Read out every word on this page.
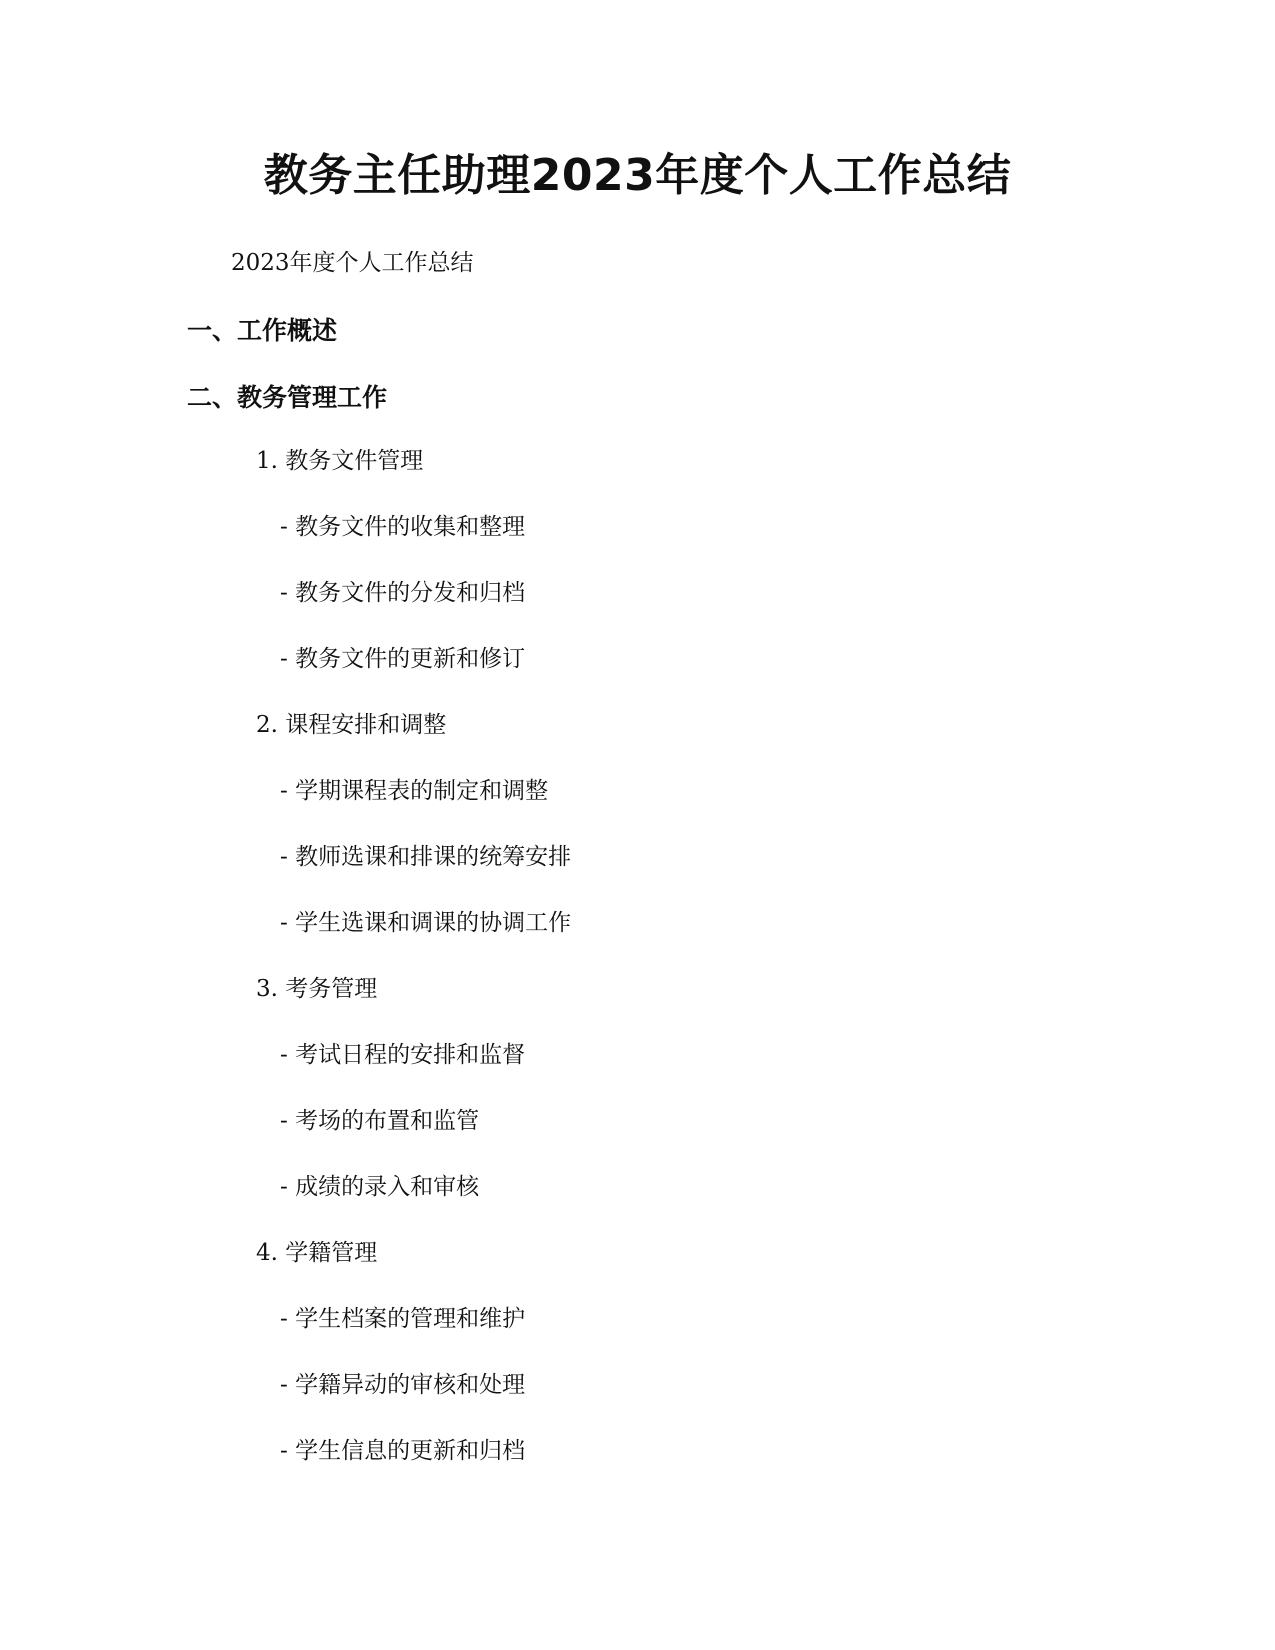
教务主任助理2023年度个人工作总结
2023年度个人工作总结
一、工作概述
二、教务管理工作
1. 教务文件管理
- 教务文件的收集和整理
- 教务文件的分发和归档
- 教务文件的更新和修订
2. 课程安排和调整
- 学期课程表的制定和调整
- 教师选课和排课的统筹安排
- 学生选课和调课的协调工作
3. 考务管理
- 考试日程的安排和监督
- 考场的布置和监管
- 成绩的录入和审核
4. 学籍管理
- 学生档案的管理和维护
- 学籍异动的审核和处理
- 学生信息的更新和归档
